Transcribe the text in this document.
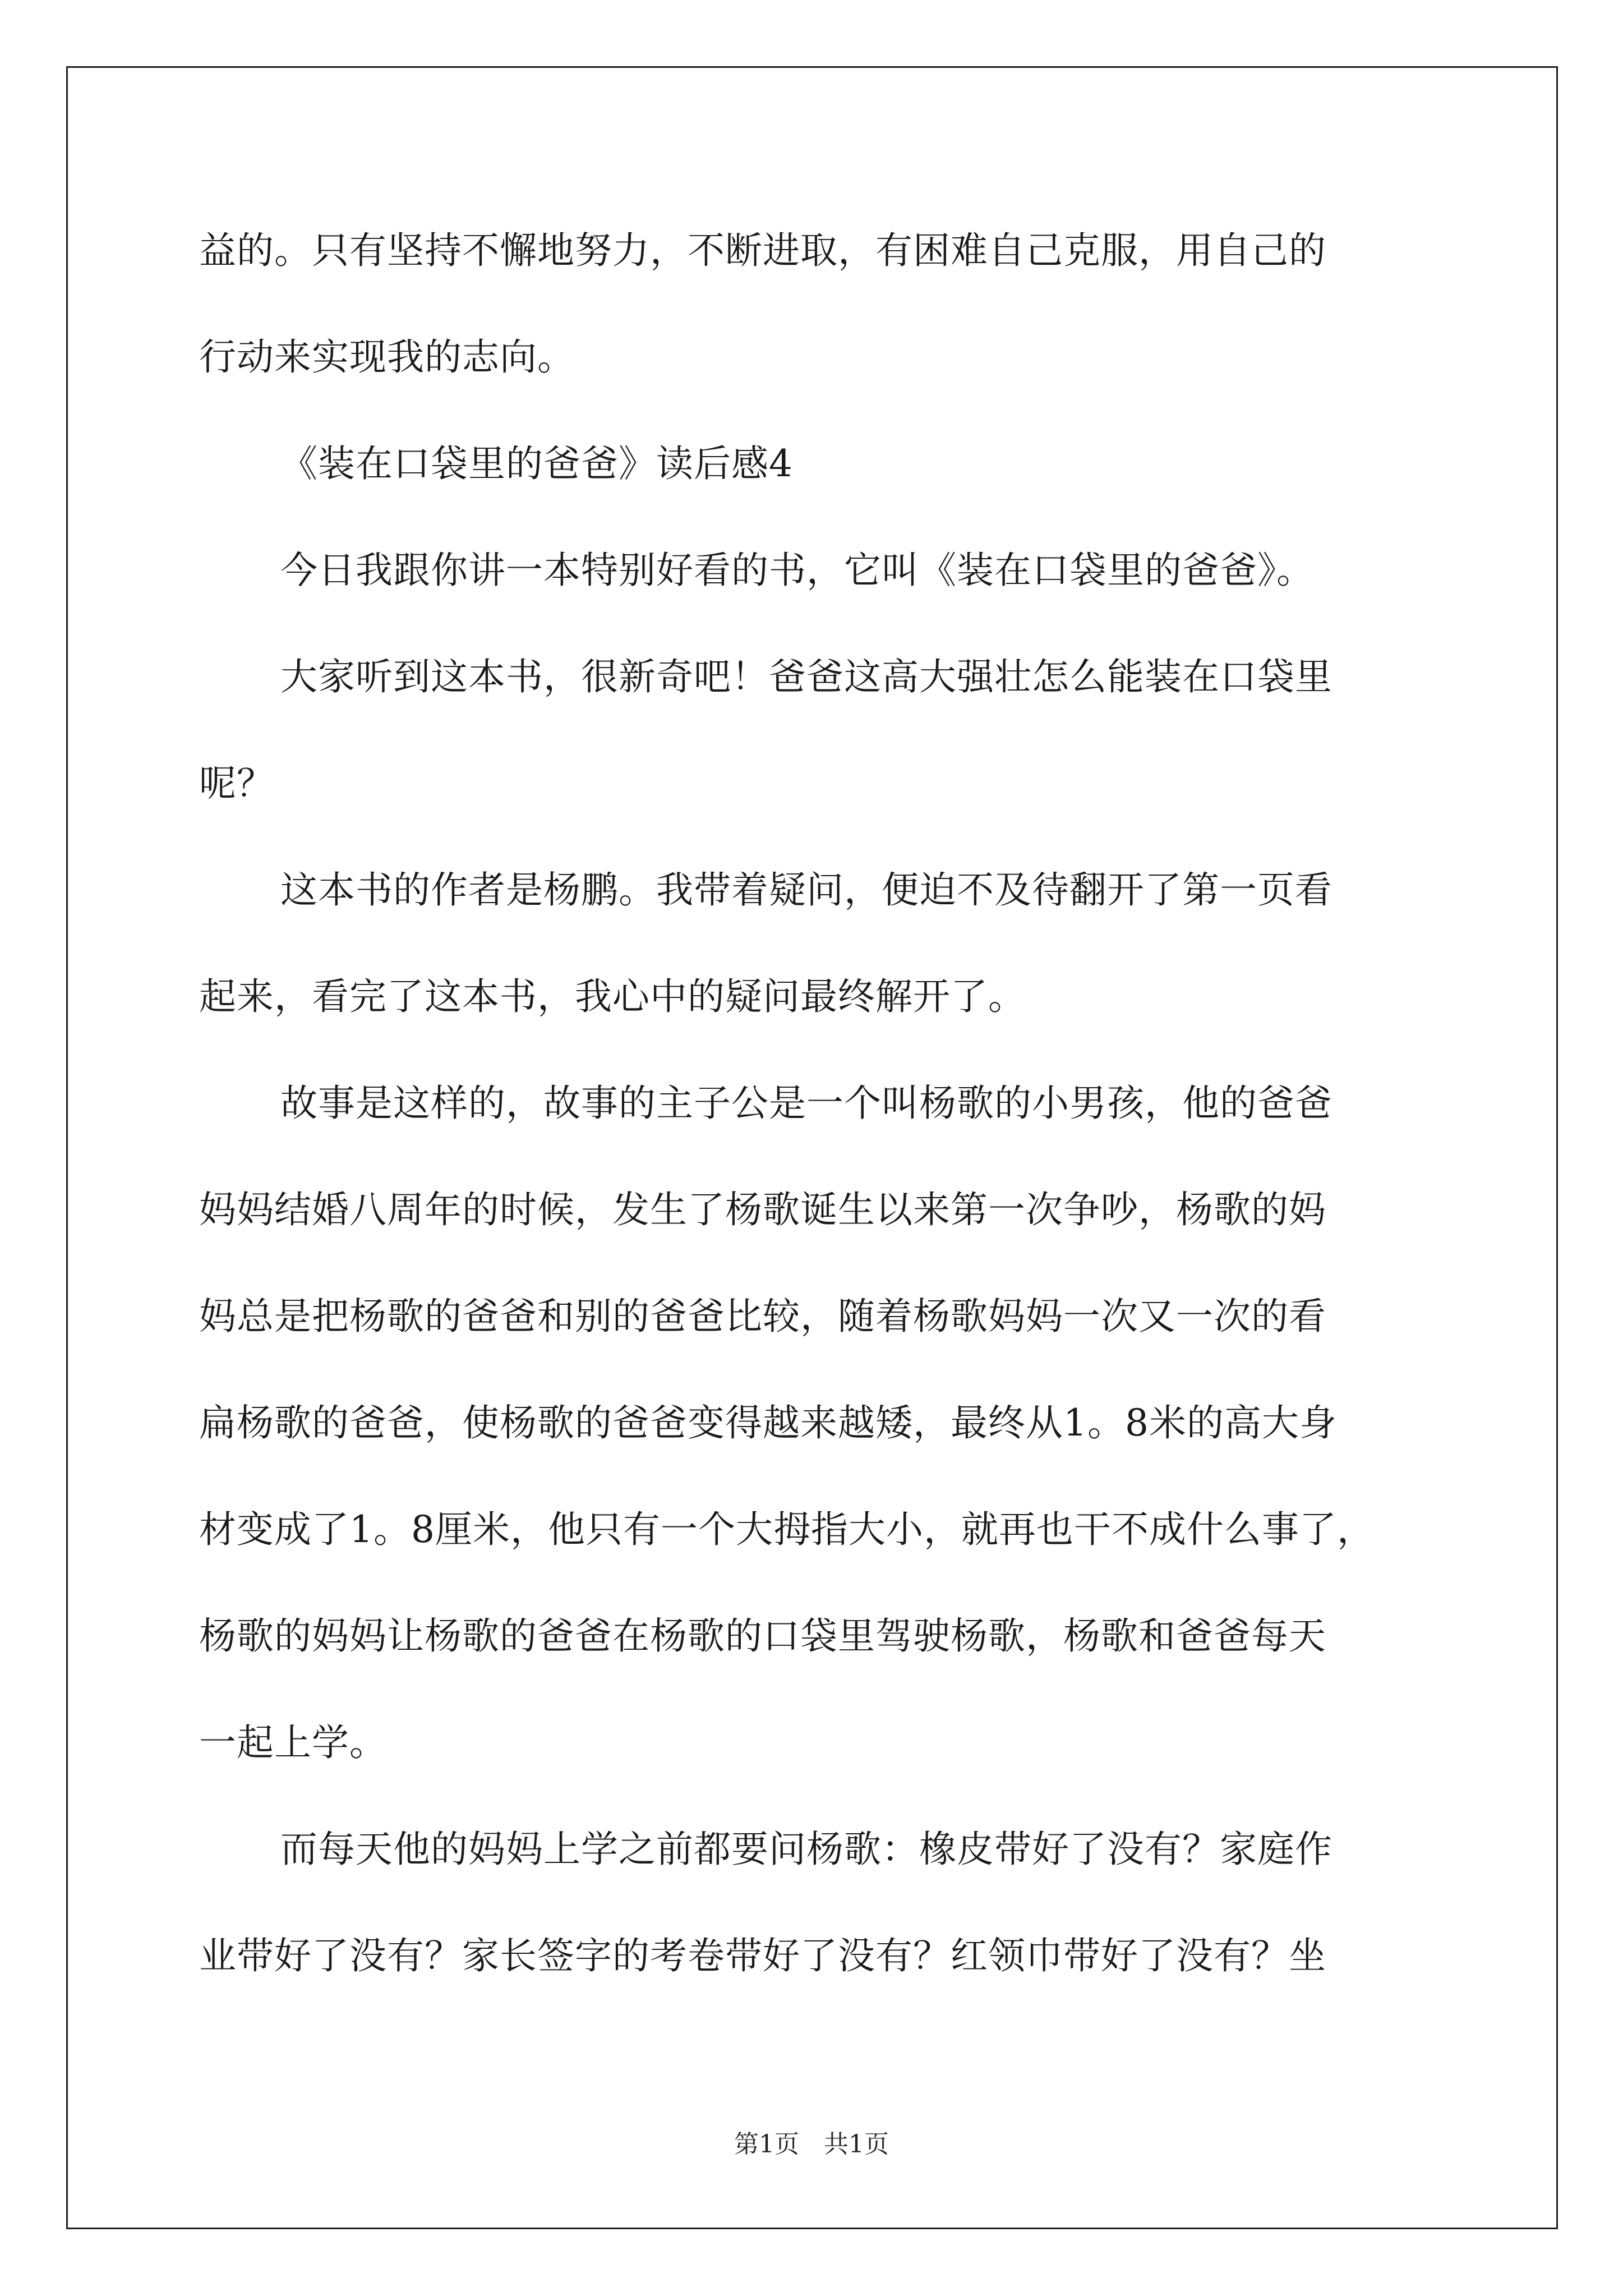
益的。只有坚持不懈地努力，不断进取，有困难自己克服，用自己的
行动来实现我的志向。
《装在口袋里的爸爸》读后感4
今日我跟你讲一本特别好看的书，它叫《装在口袋里的爸爸》。
大家听到这本书，很新奇吧！爸爸这高大强壮怎么能装在口袋里
呢？
这本书的作者是杨鹏。我带着疑问，便迫不及待翻开了第一页看
起来，看完了这本书，我心中的疑问最终解开了。
故事是这样的，故事的主子公是一个叫杨歌的小男孩，他的爸爸
妈妈结婚八周年的时候，发生了杨歌诞生以来第一次争吵，杨歌的妈
妈总是把杨歌的爸爸和别的爸爸比较，随着杨歌妈妈一次又一次的看
扁杨歌的爸爸，使杨歌的爸爸变得越来越矮，最终从1。8米的高大身
材变成了1。8厘米，他只有一个大拇指大小，就再也干不成什么事了，
杨歌的妈妈让杨歌的爸爸在杨歌的口袋里驾驶杨歌，杨歌和爸爸每天
一起上学。
而每天他的妈妈上学之前都要问杨歌：橡皮带好了没有？家庭作
业带好了没有？家长签字的考卷带好了没有？红领巾带好了没有？坐
第1页　共1页
